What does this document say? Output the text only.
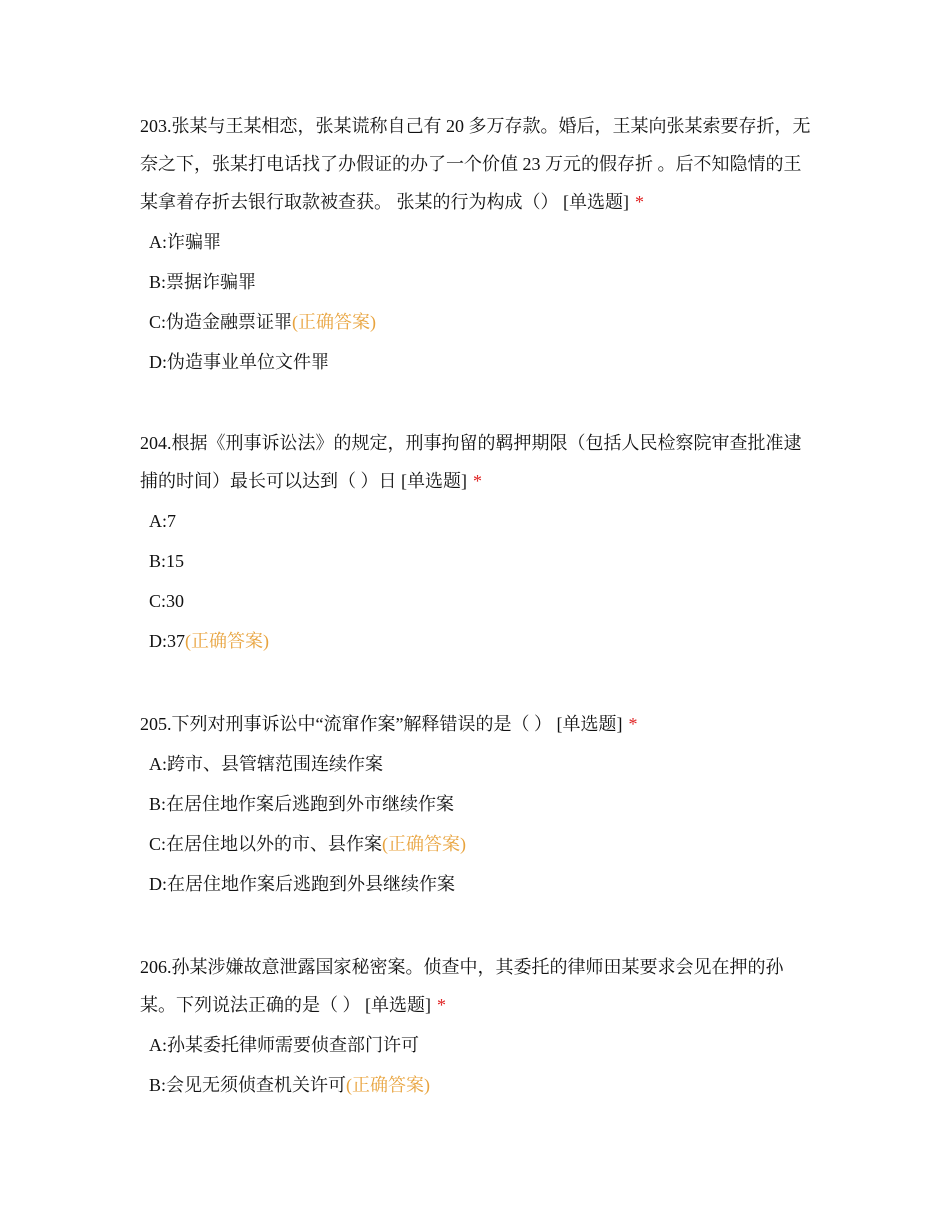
203.张某与王某相恋，张某谎称自己有 20 多万存款。婚后，王某向张某索要存折，无奈之下，张某打电话找了办假证的办了一个价值 23 万元的假存折 。后不知隐情的王某拿着存折去银行取款被查获。 张某的行为构成（） [单选题] *

A:诈骗罪
B:票据诈骗罪
C:伪造金融票证罪(正确答案)
D:伪造事业单位文件罪

204.根据《刑事诉讼法》的规定，刑事拘留的羁押期限（包括人民检察院审查批准逮捕的时间）最长可以达到（ ）日 [单选题] *

A:7
B:15
C:30
D:37(正确答案)

205.下列对刑事诉讼中“流窜作案”解释错误的是（ ） [单选题] *

A:跨市、县管辖范围连续作案
B:在居住地作案后逃跑到外市继续作案
C:在居住地以外的市、县作案(正确答案)
D:在居住地作案后逃跑到外县继续作案

206.孙某涉嫌故意泄露国家秘密案。侦查中，其委托的律师田某要求会见在押的孙某。下列说法正确的是（ ） [单选题] *

A:孙某委托律师需要侦查部门许可
B:会见无须侦查机关许可(正确答案)
